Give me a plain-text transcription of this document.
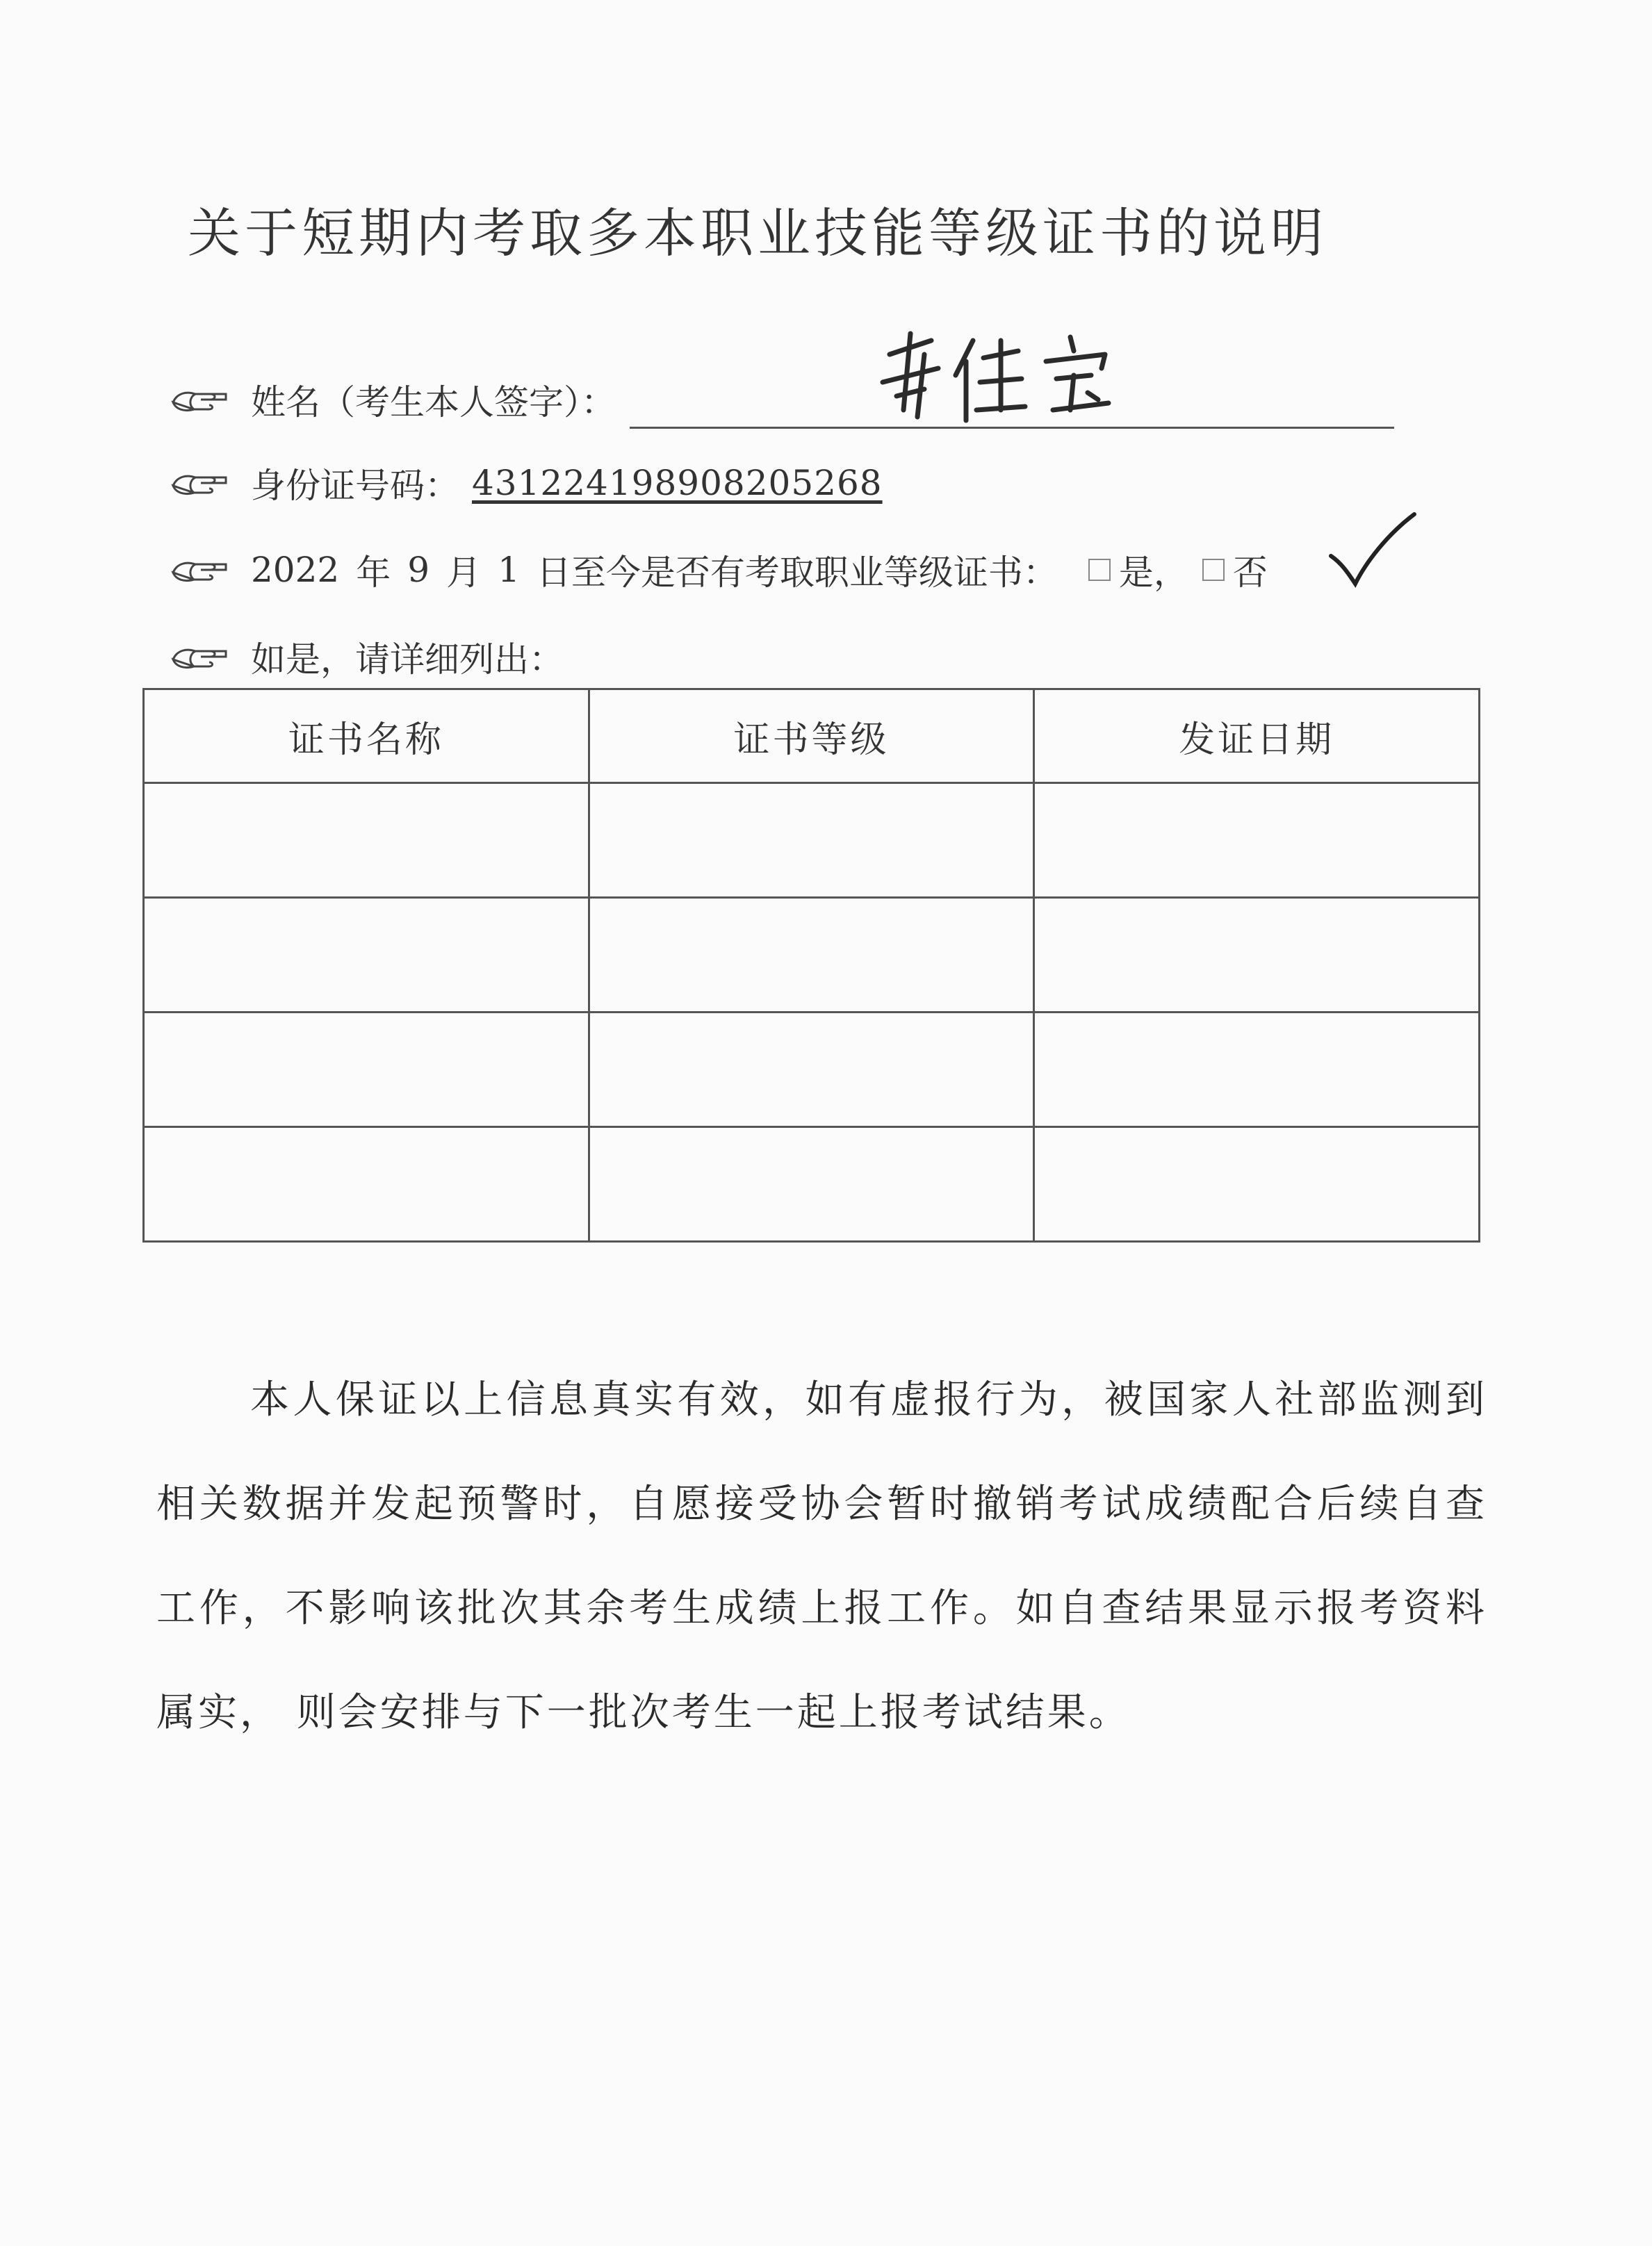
关于短期内考取多本职业技能等级证书的说明
姓名（考生本人签字）：
身份证号码： 431224198908205268
2022 年 9 月 1 日至今是否有考取职业等级证书： 是， 否
如是，请详细列出：
证书名称	证书等级	发证日期

本人保证以上信息真实有效，如有虚报行为，被国家人社部监测到相关数据并发起预警时，自愿接受协会暂时撤销考试成绩配合后续自查工作，不影响该批次其余考生成绩上报工作。如自查结果显示报考资料属实， 则会安排与下一批次考生一起上报考试结果。
